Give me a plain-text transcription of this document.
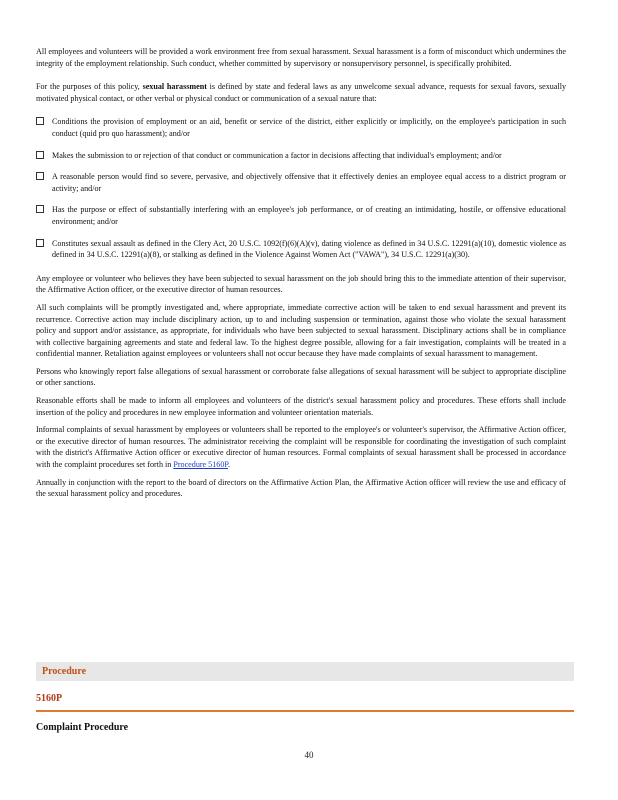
All employees and volunteers will be provided a work environment free from sexual harassment. Sexual harassment is a form of misconduct which undermines the integrity of the employment relationship. Such conduct, whether committed by supervisory or nonsupervisory personnel, is specifically prohibited.

For the purposes of this policy, sexual harassment is defined by state and federal laws as any unwelcome sexual advance, requests for sexual favors, sexually motivated physical contact, or other verbal or physical conduct or communication of a sexual nature that:

Conditions the provision of employment or an aid, benefit or service of the district, either explicitly or implicitly, on the employee's participation in such conduct (quid pro quo harassment); and/or
Makes the submission to or rejection of that conduct or communication a factor in decisions affecting that individual's employment; and/or
A reasonable person would find so severe, pervasive, and objectively offensive that it effectively denies an employee equal access to a district program or activity; and/or
Has the purpose or effect of substantially interfering with an employee's job performance, or of creating an intimidating, hostile, or offensive educational environment; and/or
Constitutes sexual assault as defined in the Clery Act, 20 U.S.C. 1092(f)(6)(A)(v), dating violence as defined in 34 U.S.C. 12291(a)(10), domestic violence as defined in 34 U.S.C. 12291(a)(8), or stalking as defined in the Violence Against Women Act ("VAWA"), 34 U.S.C. 12291(a)(30).

Any employee or volunteer who believes they have been subjected to sexual harassment on the job should bring this to the immediate attention of their supervisor, the Affirmative Action officer, or the executive director of human resources.

All such complaints will be promptly investigated and, where appropriate, immediate corrective action will be taken to end sexual harassment and prevent its recurrence. Corrective action may include disciplinary action, up to and including suspension or termination, against those who violate the sexual harassment policy and support and/or assistance, as appropriate, for individuals who have been subjected to sexual harassment. Disciplinary actions shall be in compliance with collective bargaining agreements and state and federal law. To the highest degree possible, allowing for a fair investigation, complaints will be treated in a confidential manner. Retaliation against employees or volunteers shall not occur because they have made complaints of sexual harassment to management.

Persons who knowingly report false allegations of sexual harassment or corroborate false allegations of sexual harassment will be subject to appropriate discipline or other sanctions.

Reasonable efforts shall be made to inform all employees and volunteers of the district's sexual harassment policy and procedures. These efforts shall include insertion of the policy and procedures in new employee information and volunteer orientation materials.

Informal complaints of sexual harassment by employees or volunteers shall be reported to the employee's or volunteer's supervisor, the Affirmative Action officer, or the executive director of human resources. The administrator receiving the complaint will be responsible for coordinating the investigation of such complaint with the district's Affirmative Action officer or executive director of human resources. Formal complaints of sexual harassment shall be processed in accordance with the complaint procedures set forth in Procedure 5160P.

Annually in conjunction with the report to the board of directors on the Affirmative Action Plan, the Affirmative Action officer will review the use and efficacy of the sexual harassment policy and procedures.

Procedure
5160P
Complaint Procedure
40
